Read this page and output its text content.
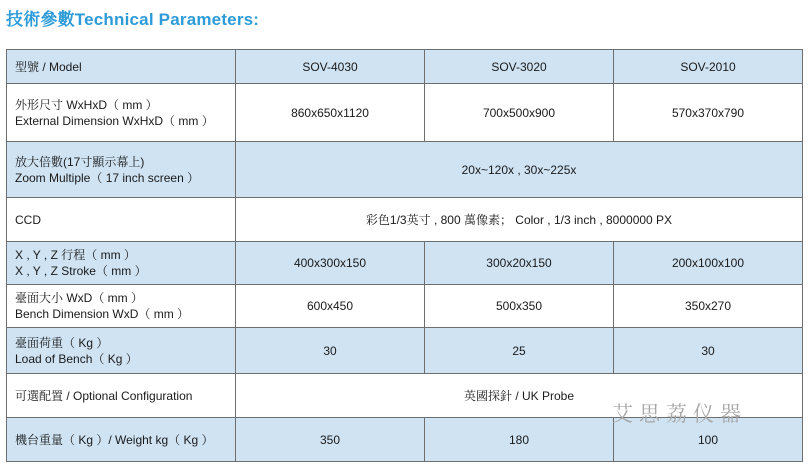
技術參數Technical Parameters:
型號 / Model	SOV-4030	SOV-3020	SOV-2010

外形尺寸 WxHxD（ mm ）
External Dimension WxHxD（ mm ）	860x650x1120	700x500x900	570x370x790

放大倍數(17寸顯示幕上)
Zoom Multiple（ 17 inch screen ）	20x~120x , 30x~225x		
CCD	彩色1/3英寸 , 800 萬像素； Color , 1/3 inch , 8000000 PX		

X , Y , Z 行程（ mm ）
X , Y , Z Stroke（ mm ）	400x300x150	300x20x150	200x100x100

臺面大小 WxD（ mm ）
Bench Dimension WxD（ mm ）	600x450	500x350	350x270

臺面荷重（ Kg ）
Load of Bench（ Kg ）	30	25	30
可選配置 / Optional Configuration	英國探針 / UK Probe		
機台重量（ Kg ）/ Weight kg（ Kg ）	350	180	100
艾思荔仪器
